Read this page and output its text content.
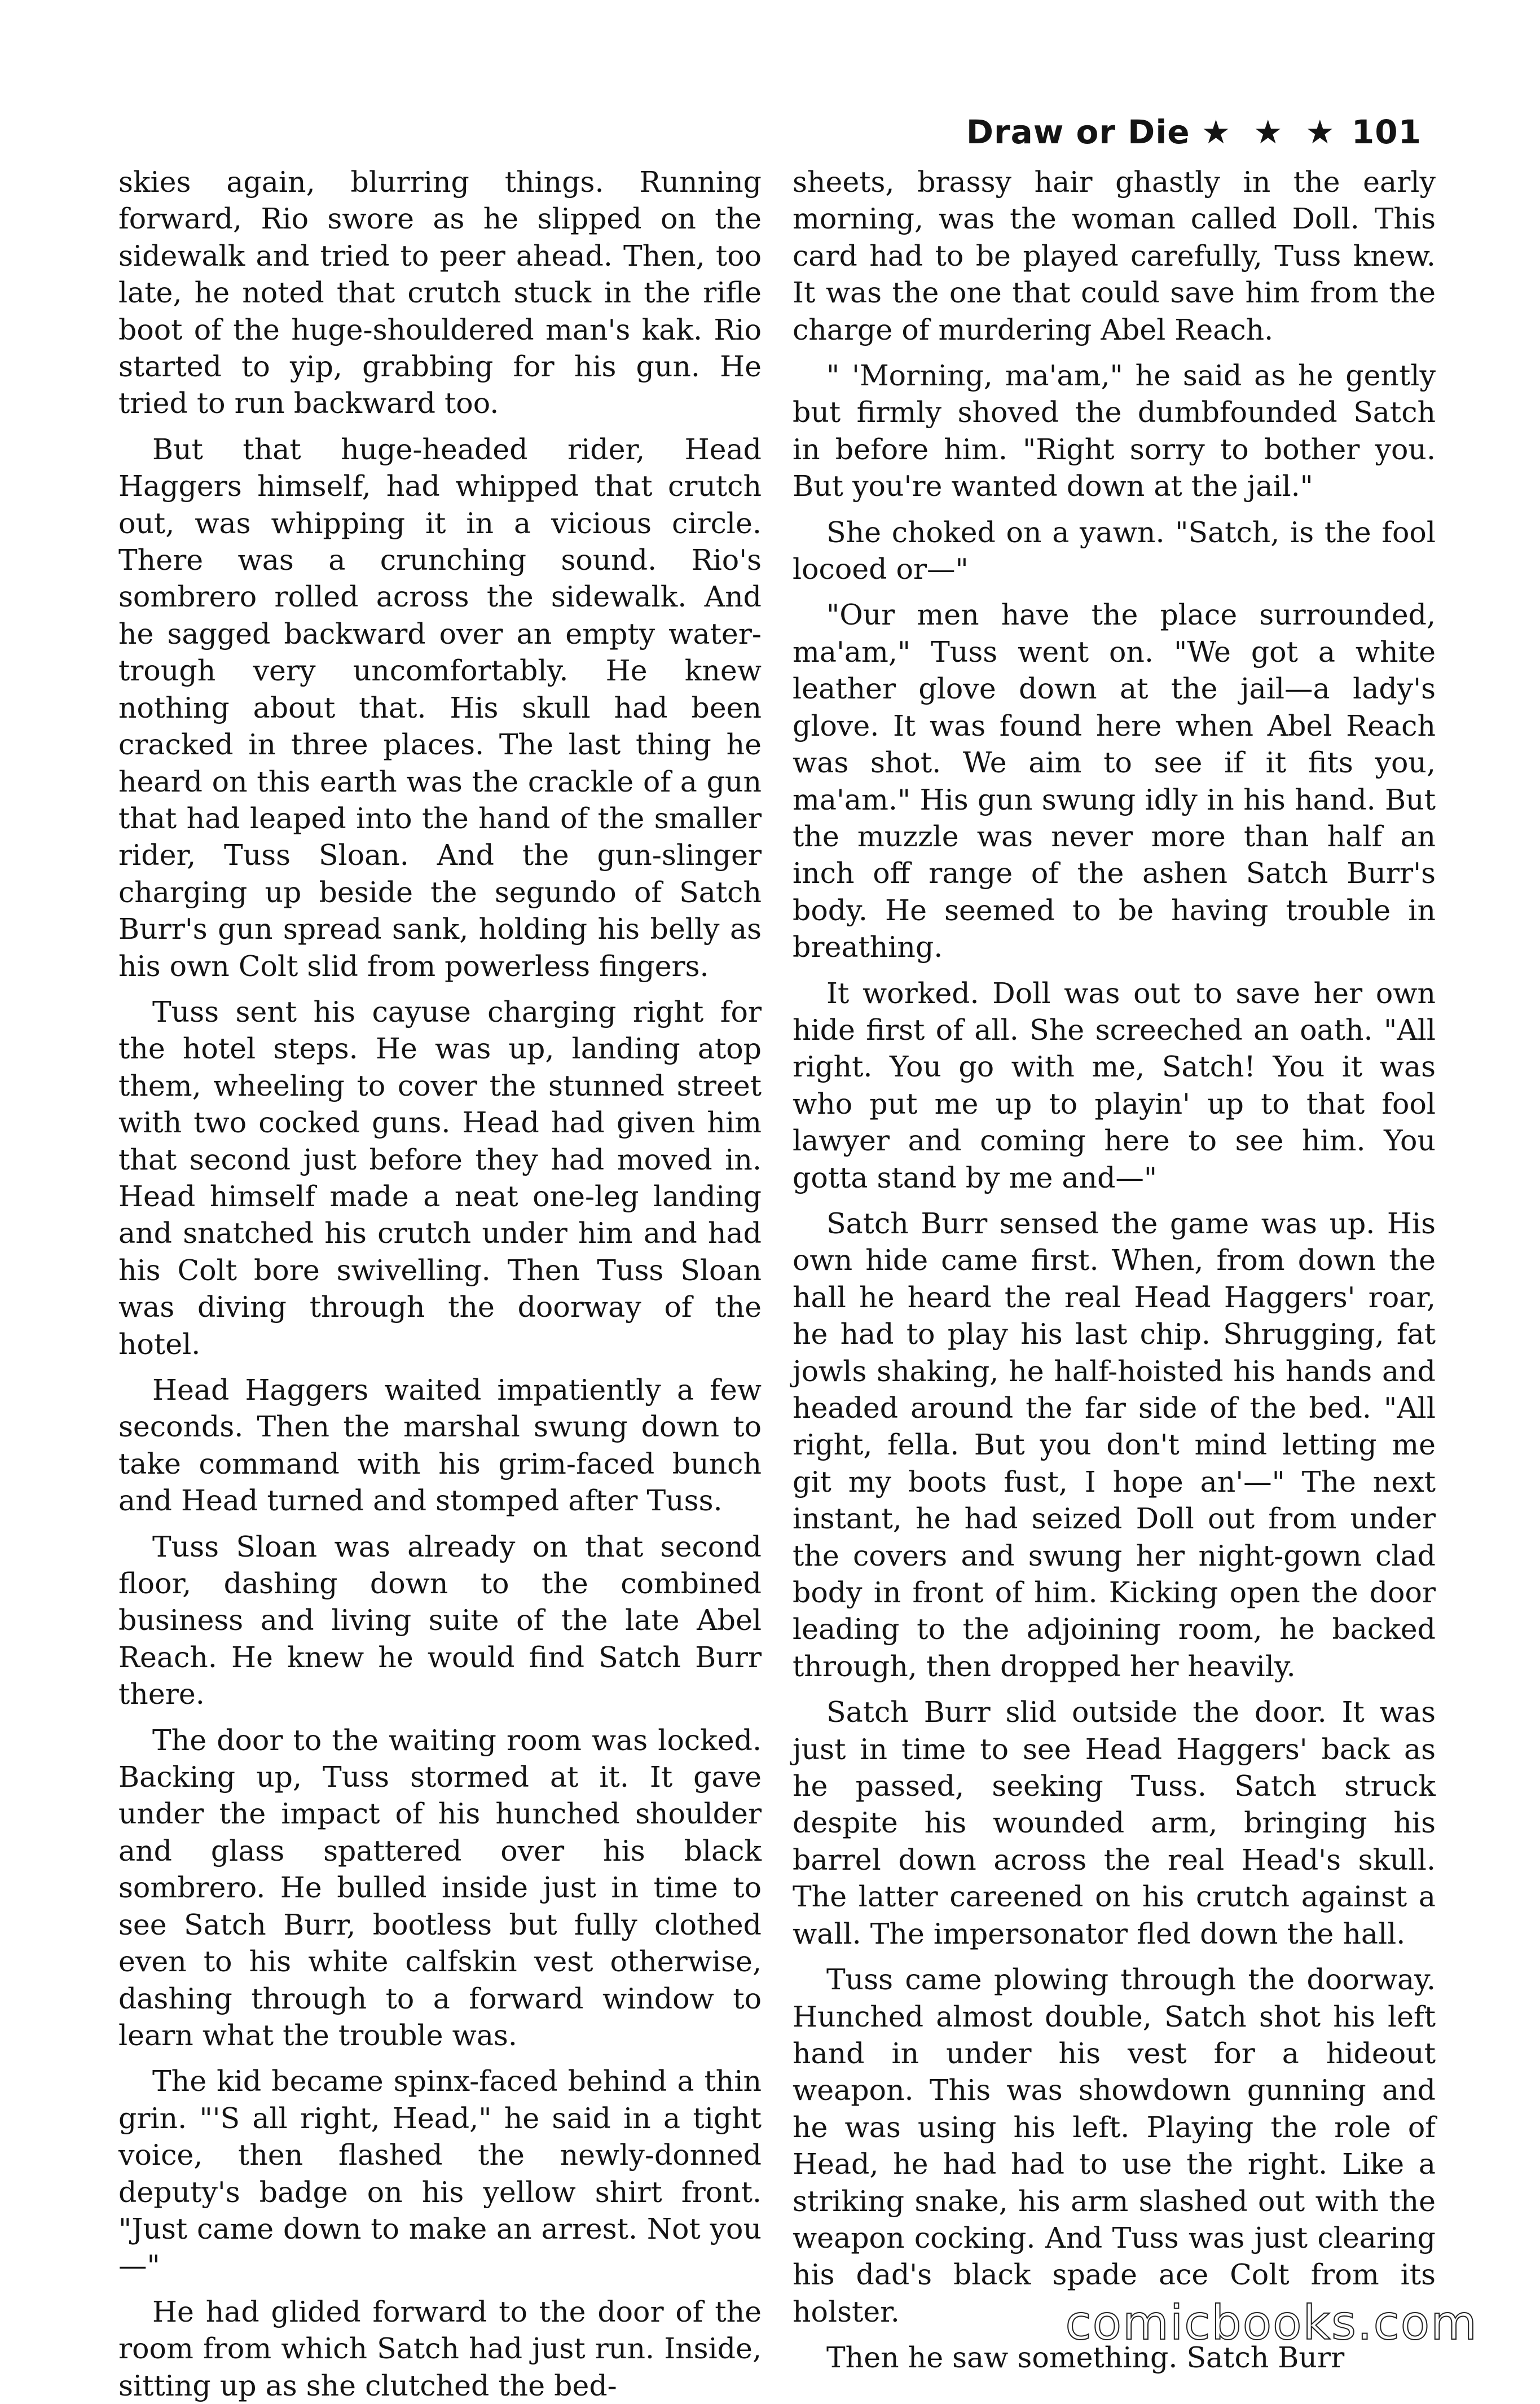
Draw or Die ★ ★ ★ 101

skies again, blurring things. Running forward, Rio swore as he slipped on the sidewalk and tried to peer ahead. Then, too late, he noted that crutch stuck in the rifle boot of the huge-shouldered man's kak. Rio started to yip, grabbing for his gun. He tried to run backward too.

But that huge-headed rider, Head Haggers himself, had whipped that crutch out, was whipping it in a vicious circle. There was a crunching sound. Rio's sombrero rolled across the sidewalk. And he sagged backward over an empty water-trough very uncomfortably. He knew nothing about that. His skull had been cracked in three places. The last thing he heard on this earth was the crackle of a gun that had leaped into the hand of the smaller rider, Tuss Sloan. And the gun-slinger charging up beside the segundo of Satch Burr's gun spread sank, holding his belly as his own Colt slid from powerless fingers.

Tuss sent his cayuse charging right for the hotel steps. He was up, landing atop them, wheeling to cover the stunned street with two cocked guns. Head had given him that second just before they had moved in. Head himself made a neat one-leg landing and snatched his crutch under him and had his Colt bore swivelling. Then Tuss Sloan was diving through the doorway of the hotel.

Head Haggers waited impatiently a few seconds. Then the marshal swung down to take command with his grim-faced bunch and Head turned and stomped after Tuss.

Tuss Sloan was already on that second floor, dashing down to the combined business and living suite of the late Abel Reach. He knew he would find Satch Burr there.

The door to the waiting room was locked. Backing up, Tuss stormed at it. It gave under the impact of his hunched shoulder and glass spattered over his black sombrero. He bulled inside just in time to see Satch Burr, bootless but fully clothed even to his white calfskin vest otherwise, dashing through to a forward window to learn what the trouble was.

The kid became spinx-faced behind a thin grin. "'S all right, Head," he said in a tight voice, then flashed the newly-donned deputy's badge on his yellow shirt front. "Just came down to make an arrest. Not you—"

He had glided forward to the door of the room from which Satch had just run. Inside, sitting up as she clutched the bed-

sheets, brassy hair ghastly in the early morning, was the woman called Doll. This card had to be played carefully, Tuss knew. It was the one that could save him from the charge of murdering Abel Reach.

" 'Morning, ma'am," he said as he gently but firmly shoved the dumbfounded Satch in before him. "Right sorry to bother you. But you're wanted down at the jail."

She choked on a yawn. "Satch, is the fool locoed or—"

"Our men have the place surrounded, ma'am," Tuss went on. "We got a white leather glove down at the jail—a lady's glove. It was found here when Abel Reach was shot. We aim to see if it fits you, ma'am." His gun swung idly in his hand. But the muzzle was never more than half an inch off range of the ashen Satch Burr's body. He seemed to be having trouble in breathing.

It worked. Doll was out to save her own hide first of all. She screeched an oath. "All right. You go with me, Satch! You it was who put me up to playin' up to that fool lawyer and coming here to see him. You gotta stand by me and—"

Satch Burr sensed the game was up. His own hide came first. When, from down the hall he heard the real Head Haggers' roar, he had to play his last chip. Shrugging, fat jowls shaking, he half-hoisted his hands and headed around the far side of the bed. "All right, fella. But you don't mind letting me git my boots fust, I hope an'—" The next instant, he had seized Doll out from under the covers and swung her night-gown clad body in front of him. Kicking open the door leading to the adjoining room, he backed through, then dropped her heavily.

Satch Burr slid outside the door. It was just in time to see Head Haggers' back as he passed, seeking Tuss. Satch struck despite his wounded arm, bringing his barrel down across the real Head's skull. The latter careened on his crutch against a wall. The impersonator fled down the hall.

Tuss came plowing through the doorway. Hunched almost double, Satch shot his left hand in under his vest for a hideout weapon. This was showdown gunning and he was using his left. Playing the role of Head, he had had to use the right. Like a striking snake, his arm slashed out with the weapon cocking. And Tuss was just clearing his dad's black spade ace Colt from its holster.

Then he saw something. Satch Burr

comicbooks.com
